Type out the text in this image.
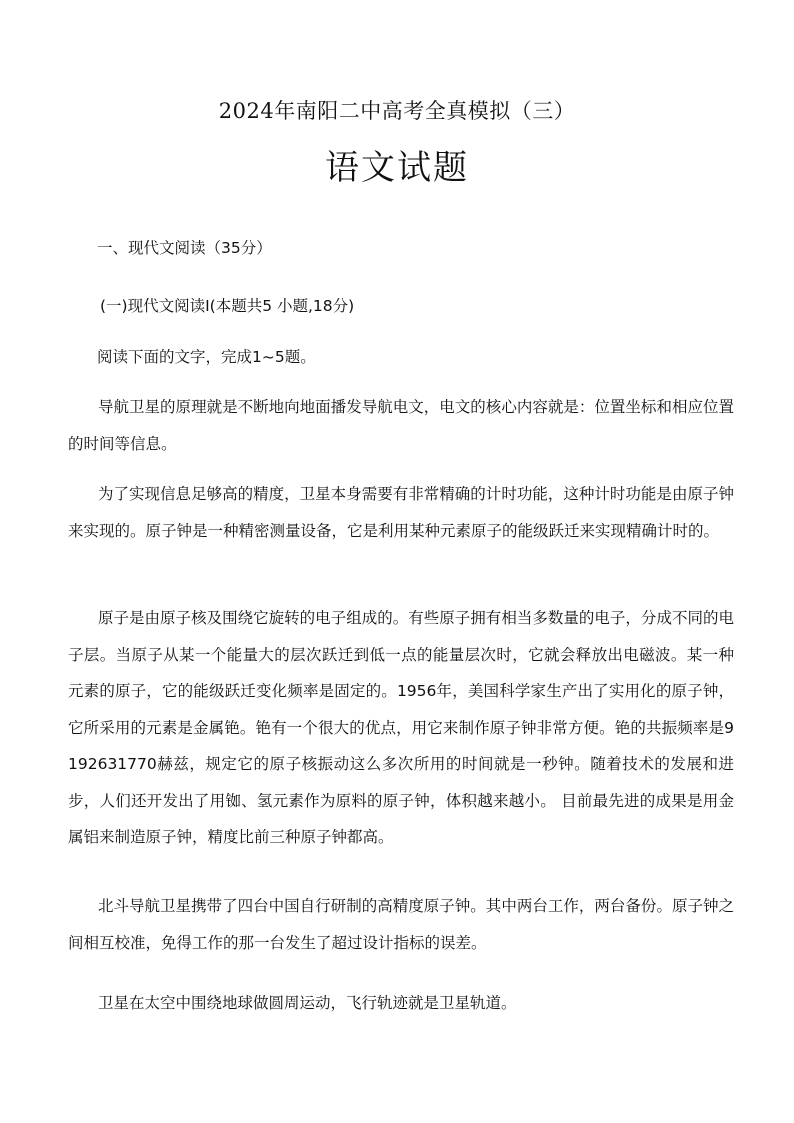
2024年南阳二中高考全真模拟（三）
语文试题
一、现代文阅读（35分）
(一)现代文阅读Ⅰ(本题共5 小题,18分)
阅读下面的文字，完成1~5题。
导航卫星的原理就是不断地向地面播发导航电文，电文的核心内容就是：位置坐标和相应位置的时间等信息。
为了实现信息足够高的精度，卫星本身需要有非常精确的计时功能，这种计时功能是由原子钟来实现的。原子钟是一种精密测量设备，它是利用某种元素原子的能级跃迁来实现精确计时的。
原子是由原子核及围绕它旋转的电子组成的。有些原子拥有相当多数量的电子，分成不同的电子层。当原子从某一个能量大的层次跃迁到低一点的能量层次时，它就会释放出电磁波。某一种元素的原子，它的能级跃迁变化频率是固定的。1956年，美国科学家生产出了实用化的原子钟，它所采用的元素是金属铯。铯有一个很大的优点，用它来制作原子钟非常方便。铯的共振频率是9192631770赫兹，规定它的原子核振动这么多次所用的时间就是一秒钟。随着技术的发展和进步，人们还开发出了用铷、氢元素作为原料的原子钟，体积越来越小。 目前最先进的成果是用金属铝来制造原子钟，精度比前三种原子钟都高。
北斗导航卫星携带了四台中国自行研制的高精度原子钟。其中两台工作，两台备份。原子钟之间相互校准，免得工作的那一台发生了超过设计指标的误差。
卫星在太空中围绕地球做圆周运动，飞行轨迹就是卫星轨道。
